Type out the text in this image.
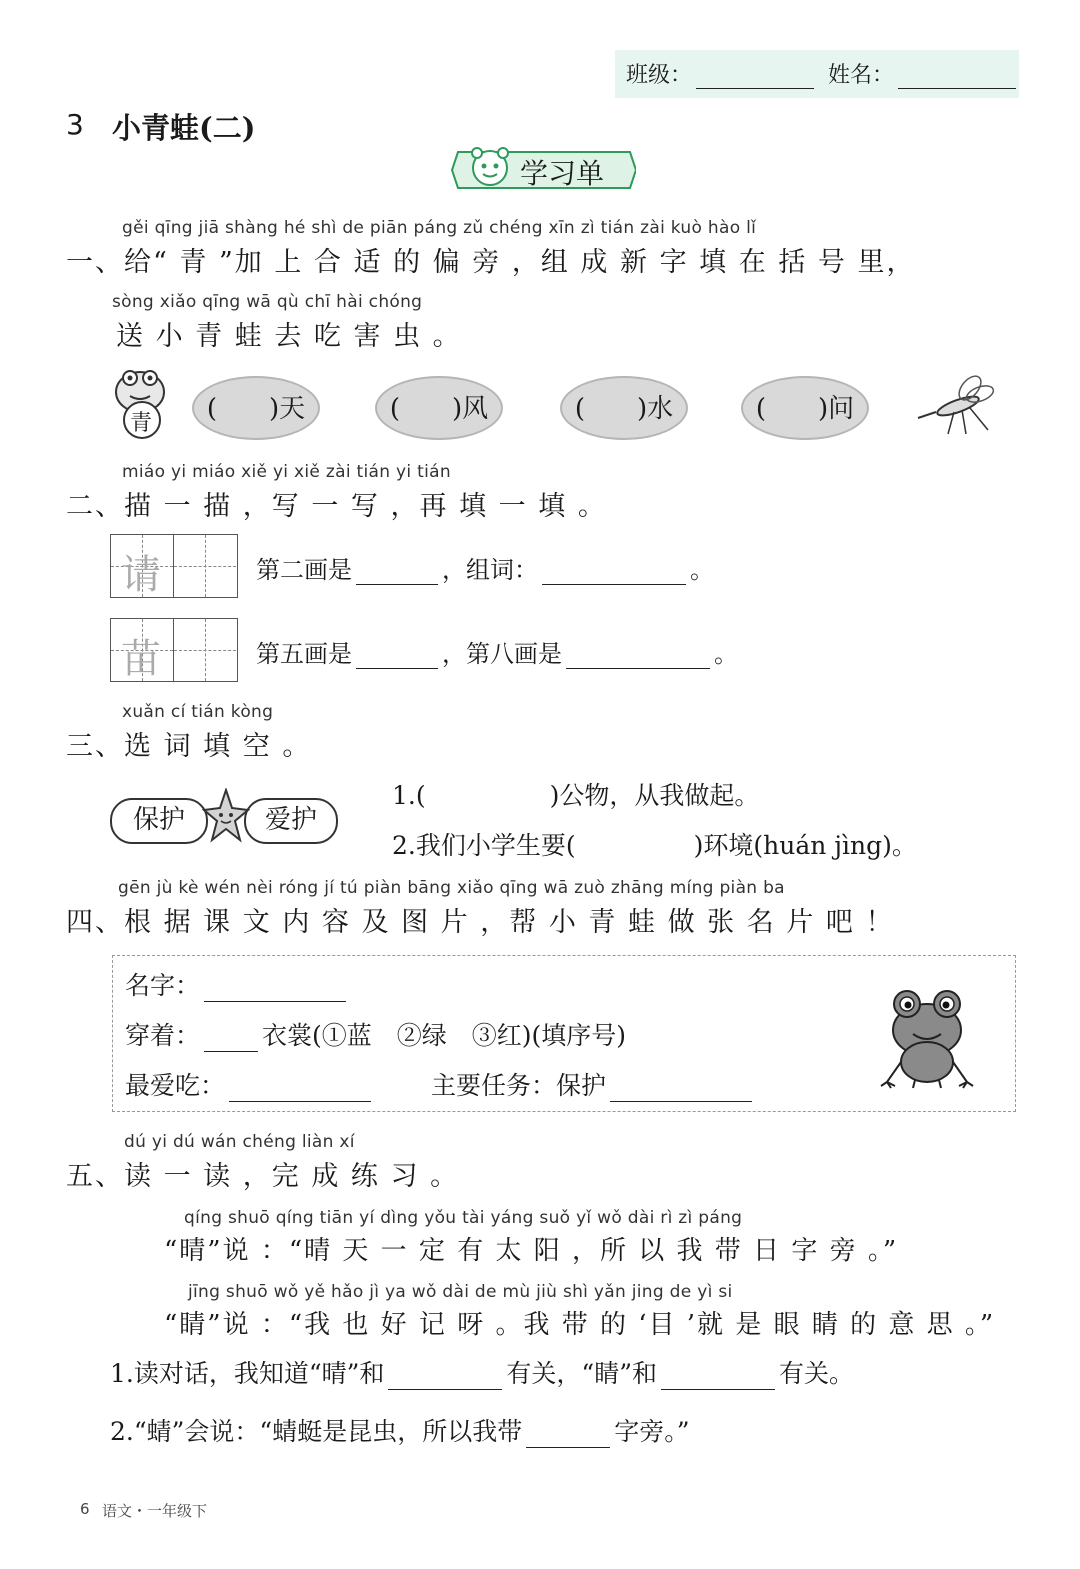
班级：	姓名：
3 小青蛙(二)
学习单
gěi qīng jiā shàng hé shì de piān páng zǔ chéng xīn zì tián zài kuò hào lǐ
一、给“ 青 ”加 上 合 适 的 偏 旁 ，组 成 新 字 填 在 括 号 里，
sòng xiǎo qīng wā qù chī hài chóng
送 小 青 蛙 去 吃 害 虫 。
青	(　　)天	(　　)风	(　　)水	(　　)问
miáo yi miáo xiě yi xiě zài tián yi tián
二、描 一 描 ，写 一 写 ，再 填 一 填 。
请	第二画是	，组词：	。
苗	第五画是	，第八画是	。
xuǎn cí tián kòng
三、选 词 填 空 。
保护	爱护
1.(	)公物，从我做起。
2.我们小学生要(	)环境(huán jìng)。
gēn jù kè wén nèi róng jí tú piàn bāng xiǎo qīng wā zuò zhāng míng piàn ba
四、根 据 课 文 内 容 及 图 片 ，帮 小 青 蛙 做 张 名 片 吧 ！
名字：
穿着： 衣裳(①蓝　②绿　③红)(填序号)
最爱吃：	主要任务：保护
dú yi dú wán chéng liàn xí
五、读 一 读 ，完 成 练 习 。
qíng shuō qíng tiān yí dìng yǒu tài yáng suǒ yǐ wǒ dài rì zì páng
“晴”说 ：“晴 天 一 定 有 太 阳 ，所 以 我 带 日 字 旁 。”
jīng shuō wǒ yě hǎo jì ya wǒ dài de mù jiù shì yǎn jing de yì si
“睛”说 ：“我 也 好 记 呀 。我 带 的 ‘目 ’就 是 眼 睛 的 意 思 。”
1.读对话，我知道“晴”和	有关，“睛”和	有关。
2.“蜻”会说：“蜻蜓是昆虫，所以我带	字旁。”
6 语文・一年级下
